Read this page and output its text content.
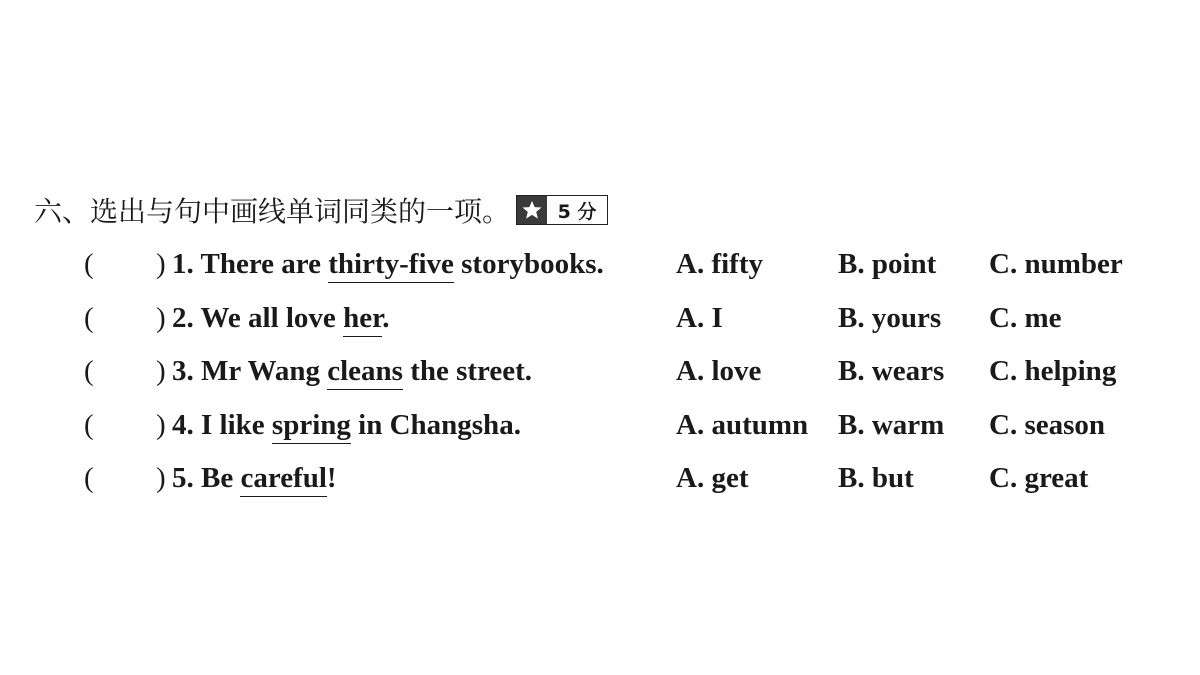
六、选出与句中画线单词同类的一项。	5 分
( ) 1. There are thirty-five storybooks. A. fifty	B. point C. number
( ) 2. We all love her.	A. I	B. yours C. me
( ) 3. Mr Wang cleans the street.	A. love	B. wears C. helping
( ) 4. I like spring in Changsha.	A. autumn B. warm C. season
( ) 5. Be careful!	A. get	B. but	C. great
